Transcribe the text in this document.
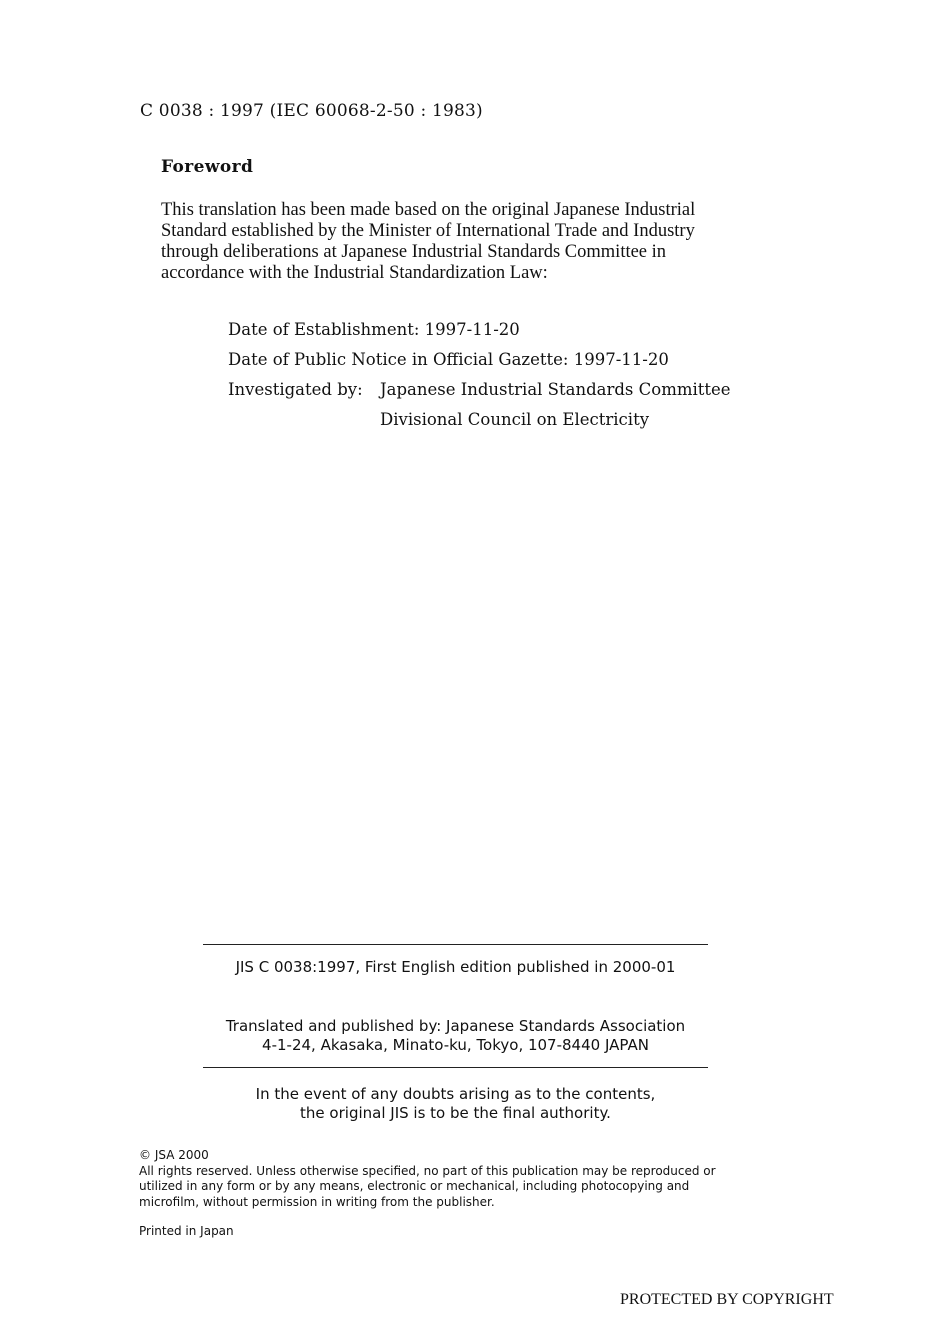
C 0038 : 1997 (IEC 60068-2-50 : 1983)
Foreword
This translation has been made based on the original Japanese Industrial
Standard established by the Minister of International Trade and Industry
through deliberations at Japanese Industrial Standards Committee in
accordance with the Industrial Standardization Law:
Date of Establishment: 1997-11-20
Date of Public Notice in Official Gazette: 1997-11-20
Investigated by: Japanese Industrial Standards Committee
Divisional Council on Electricity
JIS C 0038:1997, First English edition published in 2000-01
Translated and published by: Japanese Standards Association
4-1-24, Akasaka, Minato-ku, Tokyo, 107-8440 JAPAN
In the event of any doubts arising as to the contents,
the original JIS is to be the final authority.
© JSA 2000
All rights reserved. Unless otherwise specified, no part of this publication may be reproduced or
utilized in any form or by any means, electronic or mechanical, including photocopying and
microfilm, without permission in writing from the publisher.
Printed in Japan
PROTECTED BY COPYRIGHT
